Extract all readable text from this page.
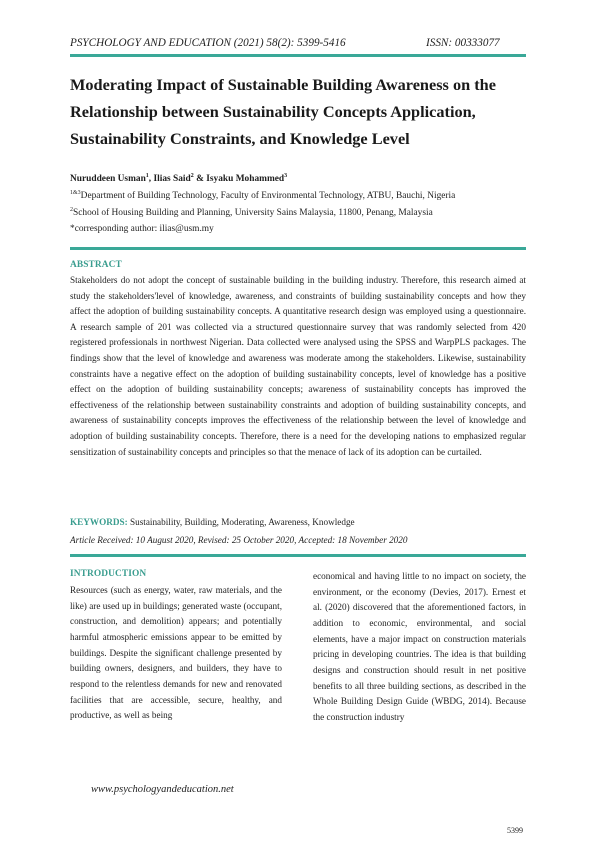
PSYCHOLOGY AND EDUCATION (2021) 58(2): 5399-5416	ISSN: 00333077
Moderating Impact of Sustainable Building Awareness on the
Relationship between Sustainability Concepts Application,
Sustainability Constraints, and Knowledge Level
Nuruddeen Usman$^1$, Ilias Said$^2$ & Isyaku Mohammed$^3$
$^{1\&3}$Department of Building Technology, Faculty of Environmental Technology, ATBU, Bauchi, Nigeria
$^2$School of Housing Building and Planning, University Sains Malaysia, 11800, Penang, Malaysia
*corresponding author: ilias@usm.my
ABSTRACT
Stakeholders do not adopt the concept of sustainable building in the building industry. Therefore, this research aimed at study the stakeholders'level of knowledge, awareness, and constraints of building sustainability concepts and how they affect the adoption of building sustainability concepts. A quantitative research design was employed using a questionnaire. A research sample of 201 was collected via a structured questionnaire survey that was randomly selected from 420 registered professionals in northwest Nigerian. Data collected were analysed using the SPSS and WarpPLS packages. The findings show that the level of knowledge and awareness was moderate among the stakeholders. Likewise, sustainability constraints have a negative effect on the adoption of building sustainability concepts, level of knowledge has a positive effect on the adoption of building sustainability concepts; awareness of sustainability concepts has improved the effectiveness of the relationship between sustainability constraints and adoption of building sustainability concepts, and awareness of sustainability concepts improves the effectiveness of the relationship between the level of knowledge and adoption of building sustainability concepts. Therefore, there is a need for the developing nations to emphasized regular sensitization of sustainability concepts and principles so that the menace of lack of its adoption can be curtailed.
KEYWORDS: Sustainability, Building, Moderating, Awareness, Knowledge
Article Received: 10 August 2020, Revised: 25 October 2020, Accepted: 18 November 2020
INTRODUCTION
Resources (such as energy, water, raw materials, and the like) are used up in buildings; generated waste (occupant, construction, and demolition) appears; and potentially harmful atmospheric emissions appear to be emitted by buildings. Despite the significant challenge presented by building owners, designers, and builders, they have to respond to the relentless demands for new and renovated facilities that are accessible, secure, healthy, and productive, as well as being
economical and having little to no impact on society, the environment, or the economy (Devies, 2017). Ernest et al. (2020) discovered that the aforementioned factors, in addition to economic, environmental, and social elements, have a major impact on construction materials pricing in developing countries. The idea is that building designs and construction should result in net positive benefits to all three building sections, as described in the Whole Building Design Guide (WBDG, 2014). Because the construction industry
www.psychologyandeducation.net
5399
